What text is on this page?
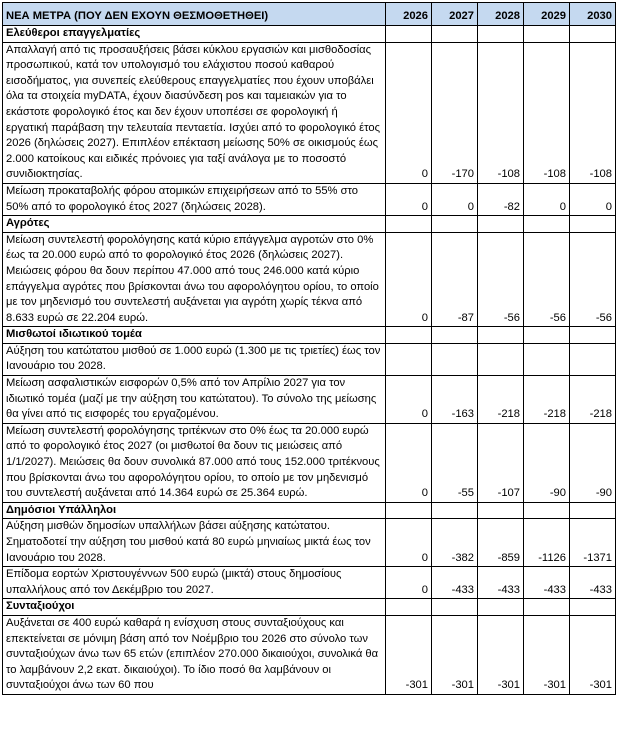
ΝΕΑ ΜΕΤΡΑ (ΠΟΥ ΔΕΝ ΕΧΟΥΝ ΘΕΣΜΟΘΕΤΗΘΕΙ)	2026	2027	2028	2029	2030
Ελεύθεροι επαγγελματίες					
Απαλλαγή από τις προσαυξήσεις βάσει κύκλου εργασιών και μισθοδοσίας προσωπικού, κατά τον υπολογισμό του ελάχιστου ποσού καθαρού εισοδήματος, για συνεπείς ελεύθερους επαγγελματίες που έχουν υποβάλει όλα τα στοιχεία myDATA, έχουν διασύνδεση pos και ταμειακών για το εκάστοτε φορολογικό έτος και δεν έχουν υποπέσει σε φορολογική ή εργατική παράβαση την τελευταία πενταετία. Ισχύει από το φορολογικό έτος 2026 (δηλώσεις 2027). Επιπλέον επέκταση μείωσης 50% σε οικισμούς έως 2.000 κατοίκους και ειδικές πρόνοιες για ταξί ανάλογα με το ποσοστό συνιδιοκτησίας.	0	-170	-108	-108	-108
Μείωση προκαταβολής φόρου ατομικών επιχειρήσεων από το 55% στο 50% από το φορολογικό έτος 2027 (δηλώσεις 2028).	0	0	-82	0	0
Αγρότες					
Μείωση συντελεστή φορολόγησης κατά κύριο επάγγελμα αγροτών στο 0% έως τα 20.000 ευρώ από το φορολογικό έτος 2026 (δηλώσεις 2027). Μειώσεις φόρου θα δουν περίπου 47.000 από τους 246.000 κατά κύριο επάγγελμα αγρότες που βρίσκονται άνω του αφορολόγητου ορίου, το οποίο με τον μηδενισμό του συντελεστή αυξάνεται για αγρότη χωρίς τέκνα από 8.633 ευρώ σε 22.204 ευρώ.	0	-87	-56	-56	-56
Μισθωτοί ιδιωτικού τομέα					
Αύξηση του κατώτατου μισθού σε 1.000 ευρώ (1.300 με τις τριετίες) έως τον Ιανουάριο του 2028.					
Μείωση ασφαλιστικών εισφορών 0,5% από τον Απρίλιο 2027 για τον ιδιωτικό τομέα (μαζί με την αύξηση του κατώτατου). Το σύνολο της μείωσης θα γίνει από τις εισφορές του εργαζομένου.	0	-163	-218	-218	-218
Μείωση συντελεστή φορολόγησης τριτέκνων στο 0% έως τα 20.000 ευρώ από το φορολογικό έτος 2027 (οι μισθωτοί θα δουν τις μειώσεις από 1/1/2027). Μειώσεις θα δουν συνολικά 87.000 από τους 152.000 τριτέκνους που βρίσκονται άνω του αφορολόγητου ορίου, το οποίο με τον μηδενισμό του συντελεστή αυξάνεται από 14.364 ευρώ σε 25.364 ευρώ.	0	-55	-107	-90	-90
Δημόσιοι Υπάλληλοι					
Αύξηση μισθών δημοσίων υπαλλήλων βάσει αύξησης κατώτατου. Σηματοδοτεί την αύξηση του μισθού κατά 80 ευρώ μηνιαίως μικτά έως τον Ιανουάριο του 2028.	0	-382	-859	-1126	-1371
Επίδομα εορτών Χριστουγέννων 500 ευρώ (μικτά) στους δημοσίους υπαλλήλους από τον Δεκέμβριο του 2027.	0	-433	-433	-433	-433
Συνταξιούχοι					
Αυξάνεται σε 400 ευρώ καθαρά η ενίσχυση στους συνταξιούχους και επεκτείνεται σε μόνιμη βάση από τον Νοέμβριο του 2026 στο σύνολο των συνταξιούχων άνω των 65 ετών (επιπλέον 270.000 δικαιούχοι, συνολικά θα το λαμβάνουν 2,2 εκατ. δικαιούχοι). Το ίδιο ποσό θα λαμβάνουν οι συνταξιούχοι άνω των 60 που	-301	-301	-301	-301	-301
